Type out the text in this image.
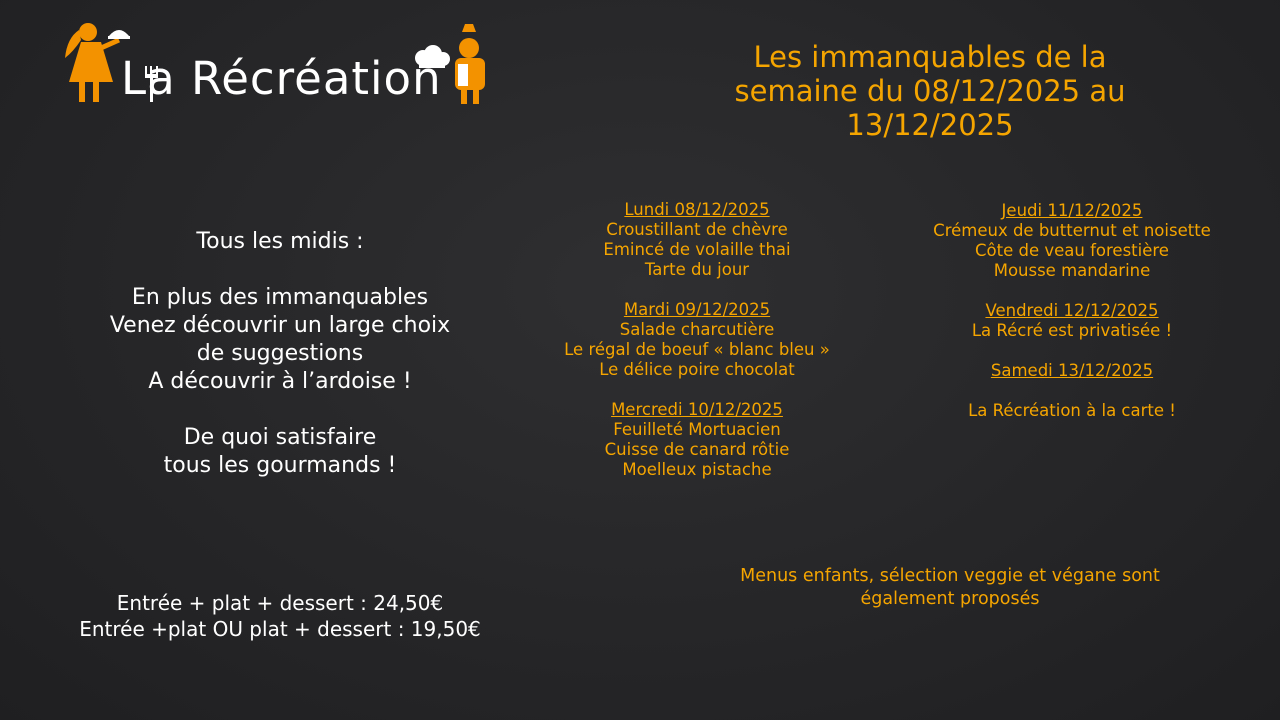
La Récréation	Les immanquables de la
semaine du 08/12/2025 au
13/12/2025
Tous les midis :
En plus des immanquables
Venez découvrir un large choix
de suggestions
A découvrir à l’ardoise !
De quoi satisfaire
tous les gourmands !
Entrée + plat + dessert : 24,50€
Entrée +plat OU plat + dessert : 19,50€
Lundi 08/12/2025
Croustillant de chèvre
Emincé de volaille thai
Tarte du jour
Mardi 09/12/2025
Salade charcutière
Le régal de boeuf « blanc bleu »
Le délice poire chocolat
Mercredi 10/12/2025
Feuilleté Mortuacien
Cuisse de canard rôtie
Moelleux pistache
Jeudi 11/12/2025
Crémeux de butternut et noisette
Côte de veau forestière
Mousse mandarine
Vendredi 12/12/2025
La Récré est privatisée !
Samedi 13/12/2025
La Récréation à la carte !
Menus enfants, sélection veggie et végane sont
également proposés
